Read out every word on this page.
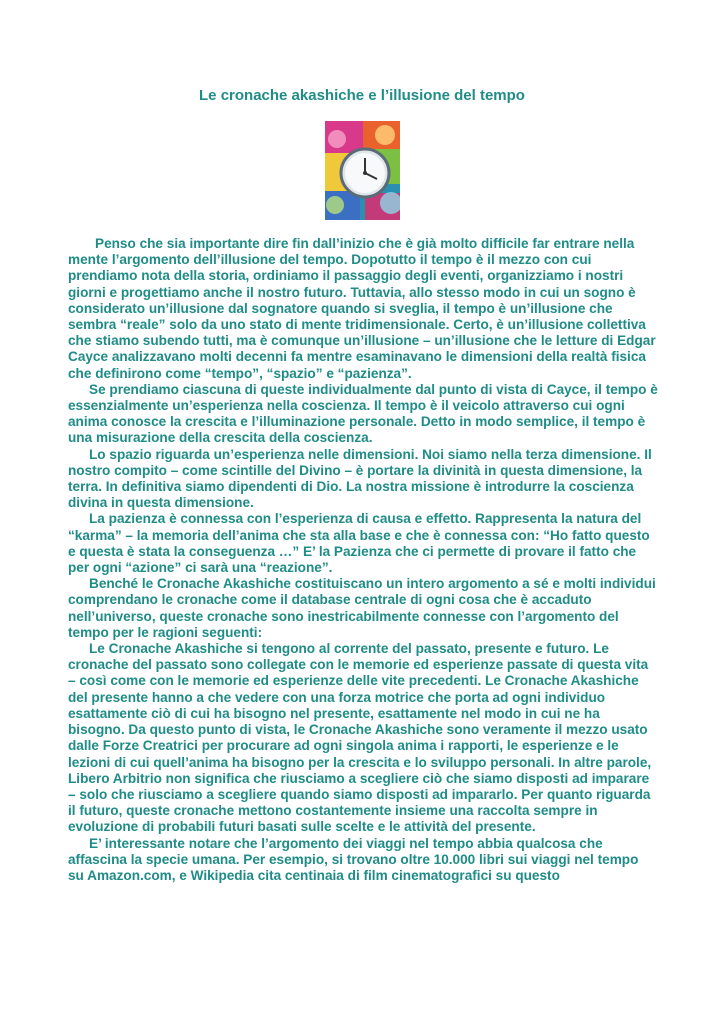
Le cronache akashiche e l’illusione del tempo

Penso che sia importante dire fin dall’inizio che è già molto difficile far entrare nella mente l’argomento dell’illusione del tempo. Dopotutto il tempo è il mezzo con cui prendiamo nota della storia, ordiniamo il passaggio degli eventi, organizziamo i nostri giorni e progettiamo anche il nostro futuro. Tuttavia, allo stesso modo in cui un sogno è considerato un’illusione dal sognatore quando si sveglia, il tempo è un’illusione che sembra “reale” solo da uno stato di mente tridimensionale. Certo, è un’illusione collettiva che stiamo subendo tutti, ma è comunque un’illusione – un’illusione che le letture di Edgar Cayce analizzavano molti decenni fa mentre esaminavano le dimensioni della realtà fisica che definirono come “tempo”, “spazio” e “pazienza”.

Se prendiamo ciascuna di queste individualmente dal punto di vista di Cayce, il tempo è essenzialmente un’esperienza nella coscienza. Il tempo è il veicolo attraverso cui ogni anima conosce la crescita e l’illuminazione personale. Detto in modo semplice, il tempo è una misurazione della crescita della coscienza.

Lo spazio riguarda un’esperienza nelle dimensioni. Noi siamo nella terza dimensione. Il nostro compito – come scintille del Divino – è portare la divinità in questa dimensione, la terra. In definitiva siamo dipendenti di Dio. La nostra missione è introdurre la coscienza divina in questa dimensione.

La pazienza è connessa con l’esperienza di causa e effetto. Rappresenta la natura del “karma” – la memoria dell’anima che sta alla base e che è connessa con: “Ho fatto questo e questa è stata la conseguenza …” E’ la Pazienza che ci permette di provare il fatto che per ogni “azione” ci sarà una “reazione”.

Benché le Cronache Akashiche costituiscano un intero argomento a sé e molti individui comprendano le cronache come il database centrale di ogni cosa che è accaduto nell’universo, queste cronache sono inestricabilmente connesse con l’argomento del tempo per le ragioni seguenti:

Le Cronache Akashiche si tengono al corrente del passato, presente e futuro. Le cronache del passato sono collegate con le memorie ed esperienze passate di questa vita – così come con le memorie ed esperienze delle vite precedenti. Le Cronache Akashiche del presente hanno a che vedere con una forza motrice che porta ad ogni individuo esattamente ciò di cui ha bisogno nel presente, esattamente nel modo in cui ne ha bisogno. Da questo punto di vista, le Cronache Akashiche sono veramente il mezzo usato dalle Forze Creatrici per procurare ad ogni singola anima i rapporti, le esperienze e le lezioni di cui quell’anima ha bisogno per la crescita e lo sviluppo personali. In altre parole, Libero Arbitrio non significa che riusciamo a scegliere ciò che siamo disposti ad imparare – solo che riusciamo a scegliere quando siamo disposti ad impararlo. Per quanto riguarda il futuro, queste cronache mettono costantemente insieme una raccolta sempre in evoluzione di probabili futuri basati sulle scelte e le attività del presente.

E’ interessante notare che l’argomento dei viaggi nel tempo abbia qualcosa che affascina la specie umana. Per esempio, si trovano oltre 10.000 libri sui viaggi nel tempo su Amazon.com, e Wikipedia cita centinaia di film cinematografici su questo
